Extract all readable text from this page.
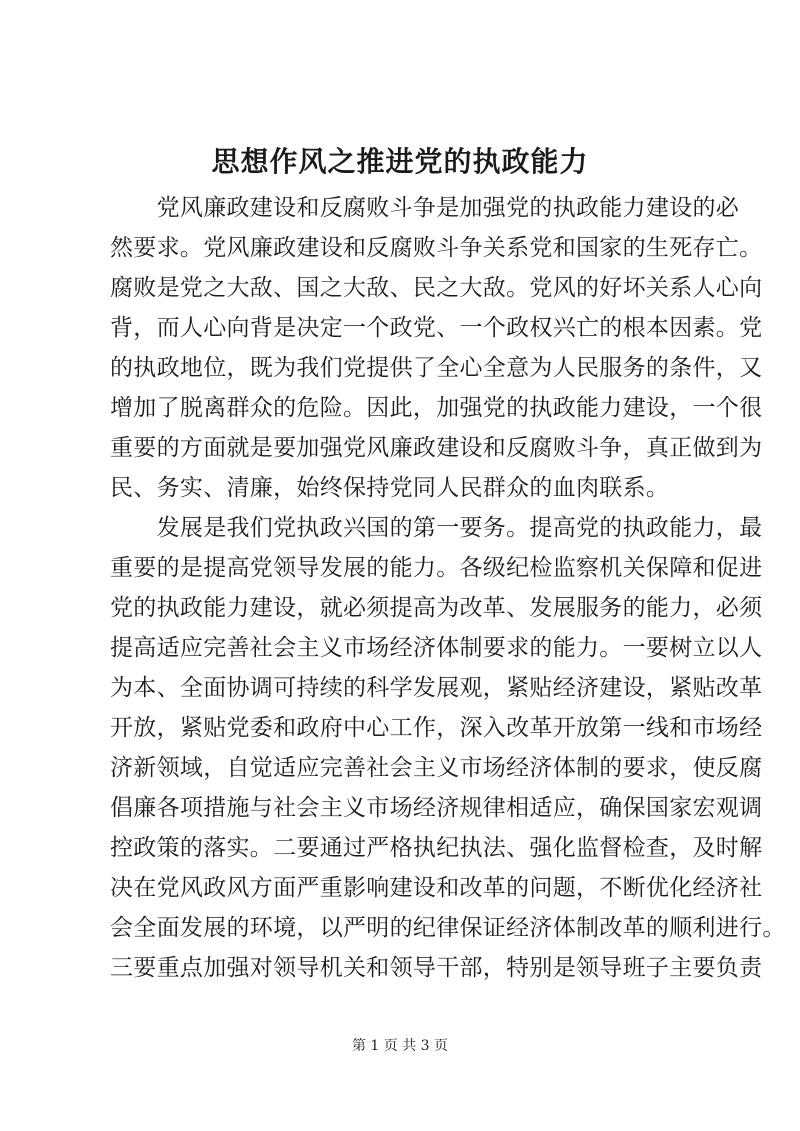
思想作风之推进党的执政能力
　　党风廉政建设和反腐败斗争是加强党的执政能力建设的必
然要求。党风廉政建设和反腐败斗争关系党和国家的生死存亡。
腐败是党之大敌、国之大敌、民之大敌。党风的好坏关系人心向
背，而人心向背是决定一个政党、一个政权兴亡的根本因素。党
的执政地位，既为我们党提供了全心全意为人民服务的条件，又
增加了脱离群众的危险。因此，加强党的执政能力建设，一个很
重要的方面就是要加强党风廉政建设和反腐败斗争，真正做到为
民、务实、清廉，始终保持党同人民群众的血肉联系。
　　发展是我们党执政兴国的第一要务。提高党的执政能力，最
重要的是提高党领导发展的能力。各级纪检监察机关保障和促进
党的执政能力建设，就必须提高为改革、发展服务的能力，必须
提高适应完善社会主义市场经济体制要求的能力。一要树立以人
为本、全面协调可持续的科学发展观，紧贴经济建设，紧贴改革
开放，紧贴党委和政府中心工作，深入改革开放第一线和市场经
济新领域，自觉适应完善社会主义市场经济体制的要求，使反腐
倡廉各项措施与社会主义市场经济规律相适应，确保国家宏观调
控政策的落实。二要通过严格执纪执法、强化监督检查，及时解
决在党风政风方面严重影响建设和改革的问题，不断优化经济社
会全面发展的环境，以严明的纪律保证经济体制改革的顺利进行。
三要重点加强对领导机关和领导干部，特别是领导班子主要负责
第 1 页 共 3 页
